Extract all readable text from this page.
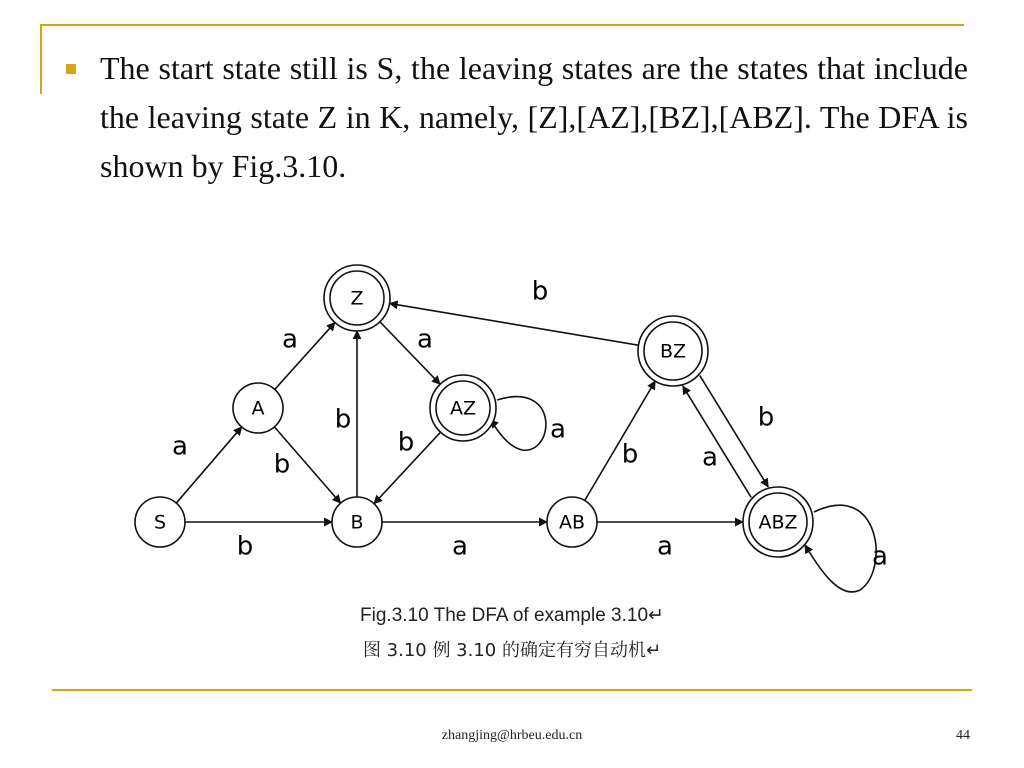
The start state still is S, the leaving states are the states that include the leaving state Z in K, namely, [Z],[AZ],[BZ],[ABZ]. The DFA is shown by Fig.3.10.

a
b
a
b
b
a
a
a
b
a
b
b
a
b
a
S
A
B
Z
AZ
AB
BZ
ABZ
Fig.3.10 The DFA of example 3.10↵
图 3.10 例 3.10 的确定有穷自动机↵
zhangjing@hrbeu.edu.cn	44
